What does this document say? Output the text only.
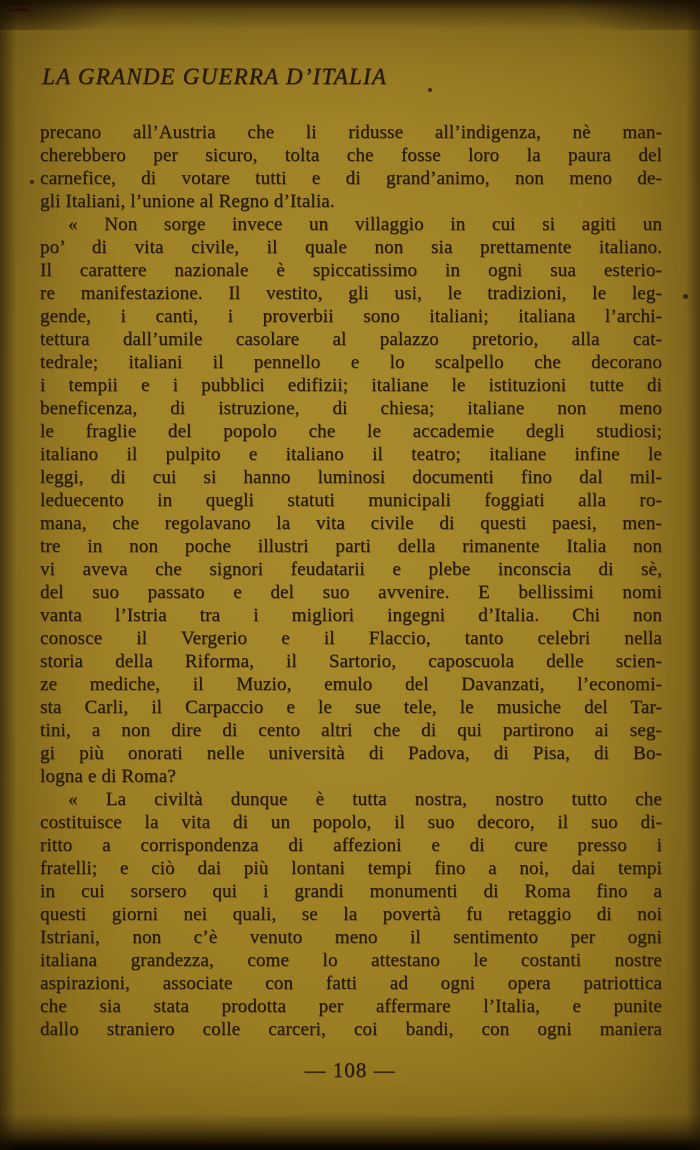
LA GRANDE GUERRA D’ITALIA
precano all’Austria che li ridusse all’indigenza, nè man-
cherebbero per sicuro, tolta che fosse loro la paura del
carnefice, di votare tutti e di grand’animo, non meno de-
gli Italiani, l’unione al Regno d’Italia.
« Non sorge invece un villaggio in cui si agiti un
po’ di vita civile, il quale non sia prettamente italiano.
Il carattere nazionale è spiccatissimo in ogni sua esterio-
re manifestazione. Il vestito, gli usi, le tradizioni, le leg-
gende, i canti, i proverbii sono italiani; italiana l’archi-
tettura dall’umile casolare al palazzo pretorio, alla cat-
tedrale; italiani il pennello e lo scalpello che decorano
i tempii e i pubblici edifizii; italiane le istituzioni tutte di
beneficenza, di istruzione, di chiesa; italiane non meno
le fraglie del popolo che le accademie degli studiosi;
italiano il pulpito e italiano il teatro; italiane infine le
leggi, di cui si hanno luminosi documenti fino dal mil-
leduecento in quegli statuti municipali foggiati alla ro-
mana, che regolavano la vita civile di questi paesi, men-
tre in non poche illustri parti della rimanente Italia non
vi aveva che signori feudatarii e plebe inconscia di sè,
del suo passato e del suo avvenire. E bellissimi nomi
vanta l’Istria tra i migliori ingegni d’Italia. Chi non
conosce il Vergerio e il Flaccio, tanto celebri nella
storia della Riforma, il Sartorio, caposcuola delle scien-
ze mediche, il Muzio, emulo del Davanzati, l’economi-
sta Carli, il Carpaccio e le sue tele, le musiche del Tar-
tini, a non dire di cento altri che di qui partirono ai seg-
gi più onorati nelle università di Padova, di Pisa, di Bo-
logna e di Roma?
« La civiltà dunque è tutta nostra, nostro tutto che
costituisce la vita di un popolo, il suo decoro, il suo di-
ritto a corrispondenza di affezioni e di cure presso i
fratelli; e ciò dai più lontani tempi fino a noi, dai tempi
in cui sorsero qui i grandi monumenti di Roma fino a
questi giorni nei quali, se la povertà fu retaggio di noi
Istriani, non c’è venuto meno il sentimento per ogni
italiana grandezza, come lo attestano le costanti nostre
aspirazioni, associate con fatti ad ogni opera patriottica
che sia stata prodotta per affermare l’Italia, e punite
dallo straniero colle carceri, coi bandi, con ogni maniera
— 108 —
